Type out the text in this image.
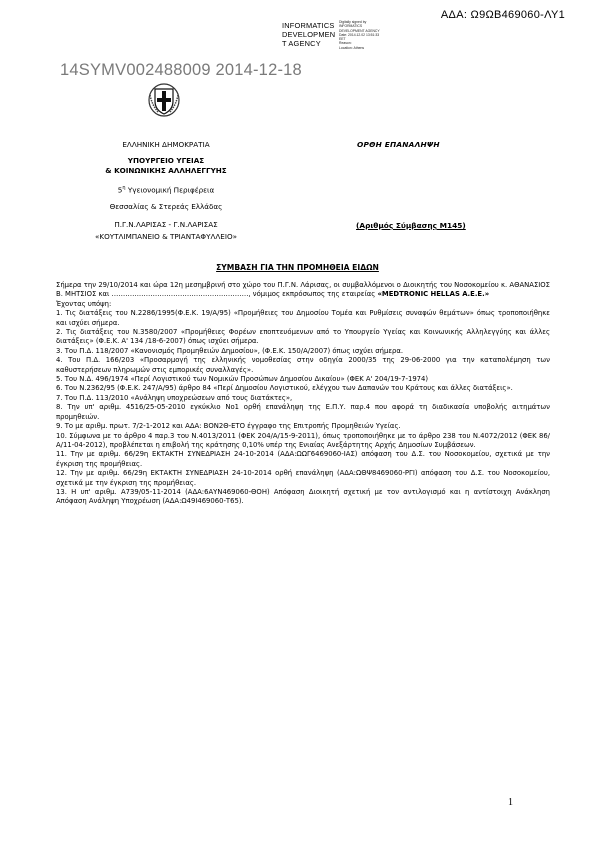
ΑΔΑ: Ω9ΩΒ469060-ΛΥ1
INFORMATICS
DEVELOPMEN
T AGENCY
Digitally signed by
INFORMATICS
DEVELOPMENT AGENCY
Date: 2014.12.02 13:51:33
EET
Reason:
Location: Athens
14SYMV002488009 2014-12-18
ΕΛΛΗΝΙΚΗ ΔΗΜΟΚΡΑΤΙΑ
ΥΠΟΥΡΓΕΙΟ ΥΓΕΙΑΣ
& ΚΟΙΝΩΝΙΚΗΣ ΑΛΛΗΛΕΓΓΥΗΣ
$5^\eta$ Υγειονομική Περιφέρεια
Θεσσαλίας & Στερεάς Ελλάδας
Π.Γ.Ν.ΛΑΡΙΣΑΣ - Γ.Ν.ΛΑΡΙΣΑΣ
«ΚΟΥΤΛΙΜΠΑΝΕΙΟ & ΤΡΙΑΝΤΑΦΥΛΛΕΙΟ»
ΟΡΘΗ ΕΠΑΝΑΛΗΨΗ
(Αριθμός Σύμβασης Μ145)
ΣΥΜΒΑΣΗ ΓΙΑ ΤΗΝ ΠΡΟΜΗΘΕΙΑ ΕΙΔΩΝ

Σήμερα την 29/10/2014 και ώρα 12η μεσημβρινή στο χώρο του Π.Γ.Ν. Λάρισας, οι συμβαλλόμενοι ο Διοικητής του Νοσοκομείου κ. ΑΘΑΝΑΣΙΟΣ Β. ΜΗΤΣΙΟΣ και ……………………………………………………, νόμιμος εκπρόσωπος της εταιρείας «MEDTRONIC HELLAS Α.Ε.Ε.»

Έχοντας υπόψη:

1. Τις διατάξεις του Ν.2286/1995(Φ.Ε.Κ. 19/Α/95) «Προμήθειες του Δημοσίου Τομέα και Ρυθμίσεις συναφών θεμάτων» όπως τροποποιήθηκε και ισχύει σήμερα.

2. Τις διατάξεις του Ν.3580/2007 «Προμήθειες Φορέων εποπτευόμενων από το Υπουργείο Υγείας και Κοινωνικής Αλληλεγγύης και άλλες διατάξεις» (Φ.Ε.Κ. Α' 134 /18-6-2007) όπως ισχύει σήμερα.

3. Του Π.Δ. 118/2007 «Κανονισμός Προμηθειών Δημοσίου», (Φ.Ε.Κ. 150/Α/2007) όπως ισχύει σήμερα.

4. Του Π.Δ. 166/203 «Προσαρμογή της ελληνικής νομοθεσίας στην οδηγία 2000/35 της 29-06-2000 για την καταπολέμηση των καθυστερήσεων πληρωμών στις εμπορικές συναλλαγές».

5. Του Ν.Δ. 496/1974 «Περί Λογιστικού των Νομικών Προσώπων Δημοσίου Δικαίου» (ΦΕΚ Α' 204/19-7-1974)

6. Του Ν.2362/95 (Φ.Ε.Κ. 247/Α/95) άρθρο 84 «Περί Δημοσίου Λογιστικού, ελέγχου των Δαπανών του Κράτους και άλλες διατάξεις».

7. Του Π.Δ. 113/2010 «Ανάληψη υποχρεώσεων από τους διατάκτες»,

8. Την υπ' αριθμ. 4516/25-05-2010 εγκύκλιο Νο1 ορθή επανάληψη της Ε.Π.Υ. παρ.4 που αφορά τη διαδικασία υποβολής αιτημάτων προμηθειών.

9. Το με αριθμ. πρωτ. 7/2-1-2012 και ΑΔΑ: ΒΟΝ2Θ-ΕΤΟ έγγραφο της Επιτροπής Προμηθειών Υγείας.

10. Σύμφωνα με το άρθρο 4 παρ.3 του Ν.4013/2011 (ΦΕΚ 204/Α/15-9-2011), όπως τροποποιήθηκε με το άρθρο 238 του Ν.4072/2012 (ΦΕΚ 86/Α/11-04-2012), προβλέπεται η επιβολή της κράτησης 0,10% υπέρ της Ενιαίας Ανεξάρτητης Αρχής Δημοσίων Συμβάσεων.

11. Την με αριθμ. 66/29η ΕΚΤΑΚΤΗ ΣΥΝΕΔΡΙΑΣΗ 24-10-2014 (ΑΔΑ:ΩΩΓ6469060-ΙΑΣ) απόφαση του Δ.Σ. του Νοσοκομείου, σχετικά με την έγκριση της προμήθειας.

12. Την με αριθμ. 66/29η ΕΚΤΑΚΤΗ ΣΥΝΕΔΡΙΑΣΗ 24-10-2014 ορθή επανάληψη (ΑΔΑ:ΩΘΨ8469060-ΡΓΙ) απόφαση του Δ.Σ. του Νοσοκομείου, σχετικά με την έγκριση της προμήθειας.

13. Η υπ' αριθμ. Α739/05-11-2014 (ΑΔΑ:6ΑΥΝ469060-ΘΟΗ) Απόφαση Διοικητή σχετική με τον αντιλογισμό και η αντίστοιχη Ανάκληση Απόφαση Ανάληψη Υποχρέωση (ΑΔΑ:Ω49Ι469060-Τ65).

1
